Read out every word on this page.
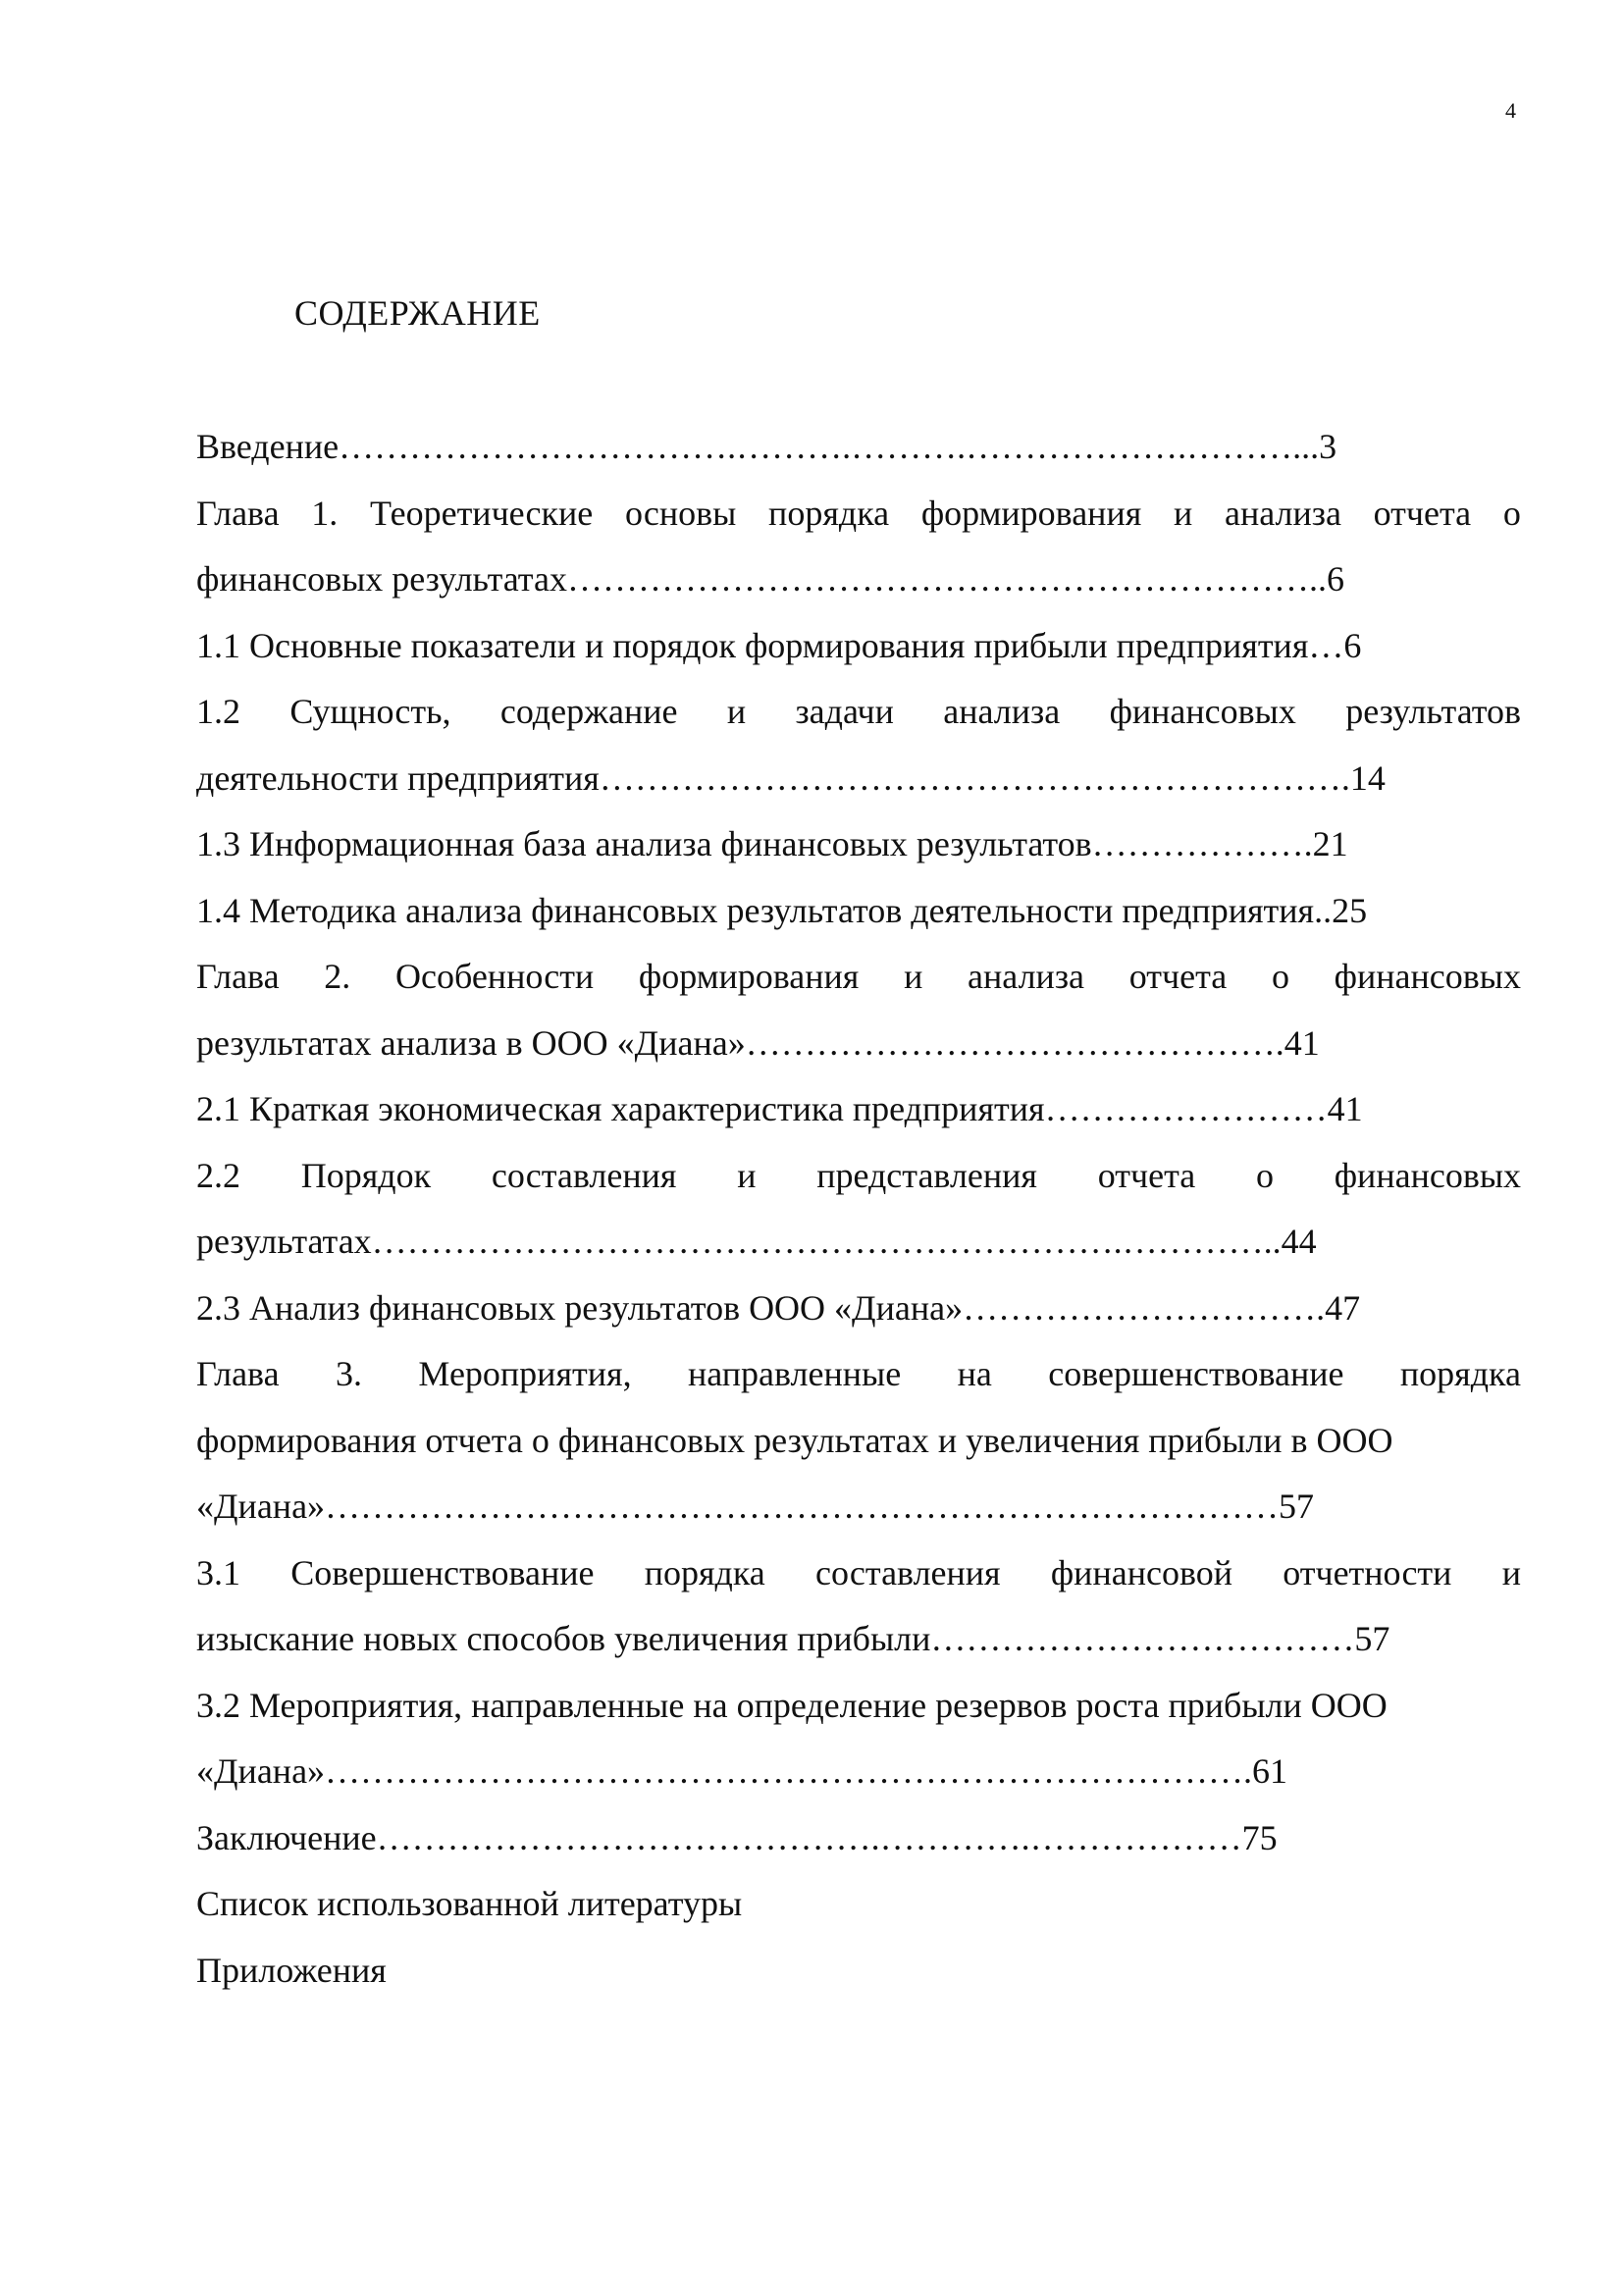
4
СОДЕРЖАНИЕ
Введение…………………………….……….……….……………….………...3
Глава 1. Теоретические основы порядка формирования и анализа отчета о
финансовых результатах………………………………………………………..6
1.1 Основные показатели и порядок формирования прибыли предприятия…6
1.2 Сущность, содержание и задачи анализа финансовых результатов
деятельности предприятия……………………………………………………….14
1.3 Информационная база анализа финансовых результатов……………….21
1.4 Методика анализа финансовых результатов деятельности предприятия..25
Глава 2. Особенности формирования и анализа отчета о финансовых
результатах анализа в ООО «Диана»……………………………………….41
2.1 Краткая экономическая характеристика предприятия……………………41
2.2 Порядок составления и представления отчета о финансовых
результатах……………………………………………………….…………..44
2.3 Анализ финансовых результатов ООО «Диана»………………………….47
Глава 3. Мероприятия, направленные на совершенствование порядка
формирования отчета о финансовых результатах и увеличения прибыли в ООО
«Диана»………………………………………………………………………57
3.1 Совершенствование порядка составления финансовой отчетности и
изыскание новых способов увеличения прибыли………………………………57
3.2 Мероприятия, направленные на определение резервов роста прибыли ООО
«Диана»…………………………………………………………………….61
Заключение…………………………………….………….………………75
Список использованной литературы
Приложения
